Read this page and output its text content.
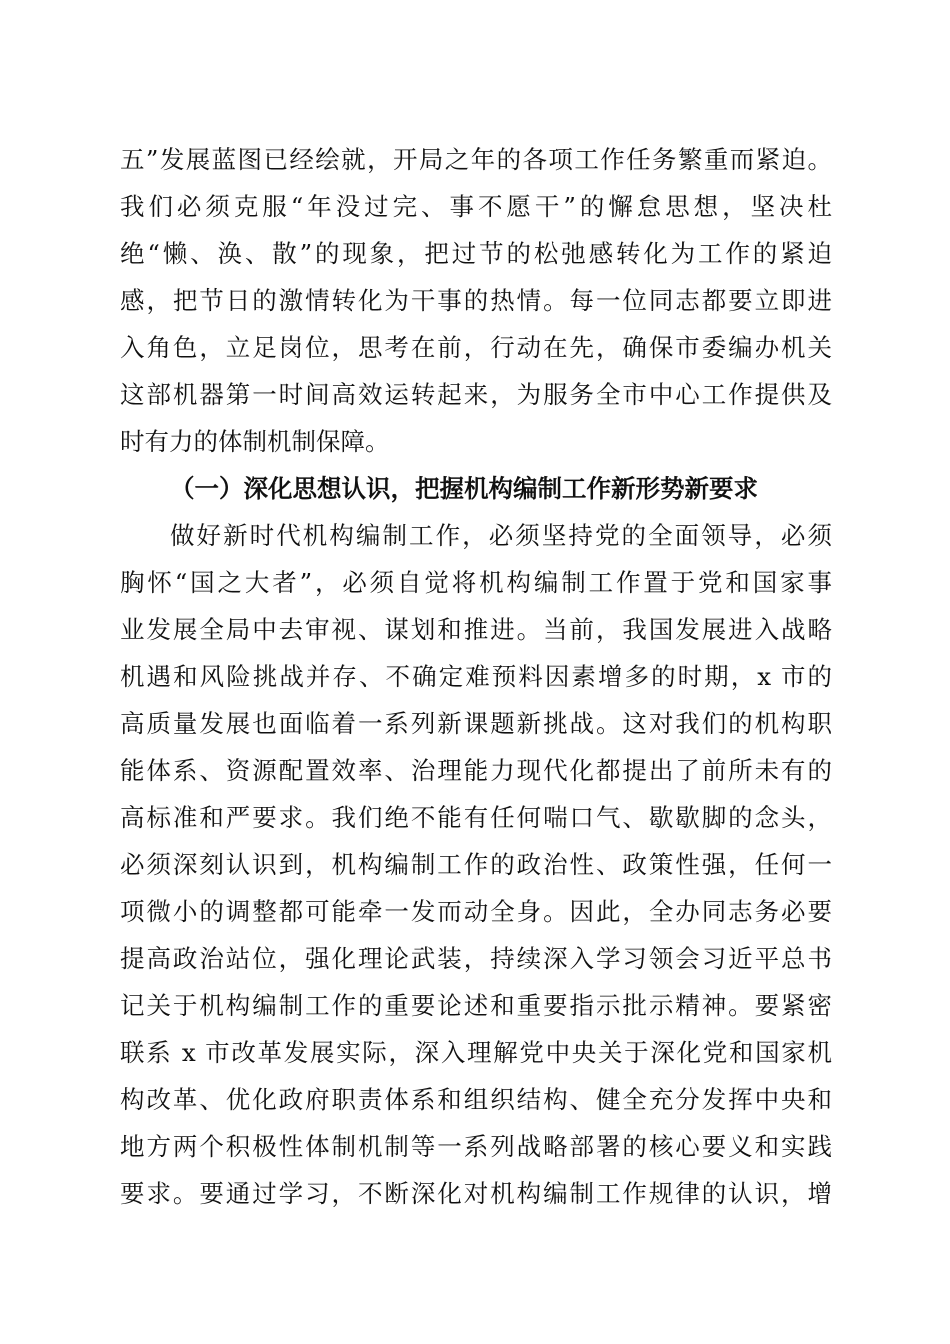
五”发展蓝图已经绘就，开局之年的各项工作任务繁重而紧迫。
我们必须克服“年没过完、事不愿干”的懈怠思想，坚决杜
绝“懒、涣、散”的现象，把过节的松弛感转化为工作的紧迫
感，把节日的激情转化为干事的热情。每一位同志都要立即进
入角色，立足岗位，思考在前，行动在先，确保市委编办机关
这部机器第一时间高效运转起来，为服务全市中心工作提供及
时有力的体制机制保障。
（一）深化思想认识，把握机构编制工作新形势新要求
做好新时代机构编制工作，必须坚持党的全面领导，必须
胸怀“国之大者”，必须自觉将机构编制工作置于党和国家事
业发展全局中去审视、谋划和推进。当前，我国发展进入战略
机遇和风险挑战并存、不确定难预料因素增多的时期，x 市的
高质量发展也面临着一系列新课题新挑战。这对我们的机构职
能体系、资源配置效率、治理能力现代化都提出了前所未有的
高标准和严要求。我们绝不能有任何喘口气、歇歇脚的念头，
必须深刻认识到，机构编制工作的政治性、政策性强，任何一
项微小的调整都可能牵一发而动全身。因此，全办同志务必要
提高政治站位，强化理论武装，持续深入学习领会习近平总书
记关于机构编制工作的重要论述和重要指示批示精神。要紧密
联系 x 市改革发展实际，深入理解党中央关于深化党和国家机
构改革、优化政府职责体系和组织结构、健全充分发挥中央和
地方两个积极性体制机制等一系列战略部署的核心要义和实践
要求。要通过学习，不断深化对机构编制工作规律的认识，增
